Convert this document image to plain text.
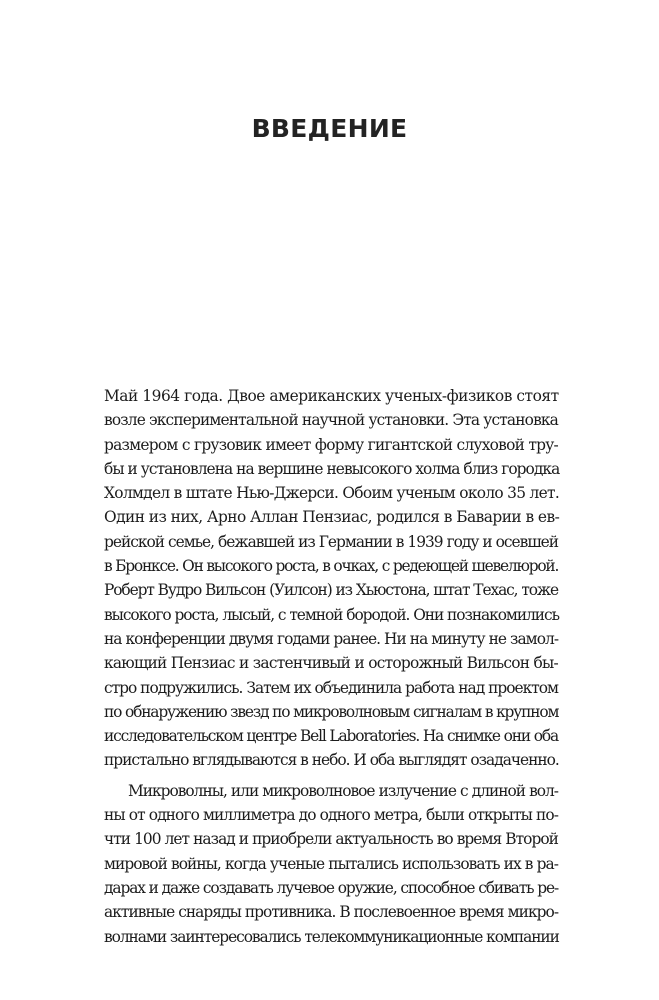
ВВЕДЕНИЕ
Май 1964 года. Двое американских ученых-физиков стоят
возле экспериментальной научной установки. Эта установка
размером с грузовик имеет форму гигантской слуховой тру-
бы и установлена на вершине невысокого холма близ городка
Холмдел в штате Нью-Джерси. Обоим ученым около 35 лет.
Один из них, Арно Аллан Пензиас, родился в Баварии в ев-
рейской семье, бежавшей из Германии в 1939 году и осевшей
в Бронксе. Он высокого роста, в очках, с редеющей шевелюрой.
Роберт Вудро Вильсон (Уилсон) из Хьюстона, штат Техас, тоже
высокого роста, лысый, с темной бородой. Они познакомились
на конференции двумя годами ранее. Ни на минуту не замол-
кающий Пензиас и застенчивый и осторожный Вильсон бы-
стро подружились. Затем их объединила работа над проектом
по обнаружению звезд по микроволновым сигналам в крупном
исследовательском центре Bell Laboratories. На снимке они оба
пристально вглядываются в небо. И оба выглядят озадаченно.
Микроволны, или микроволновое излучение с длиной вол-
ны от одного миллиметра до одного метра, были открыты по-
чти 100 лет назад и приобрели актуальность во время Второй
мировой войны, когда ученые пытались использовать их в ра-
дарах и даже создавать лучевое оружие, способное сбивать ре-
активные снаряды противника. В послевоенное время микро-
волнами заинтересовались телекоммуникационные компании
